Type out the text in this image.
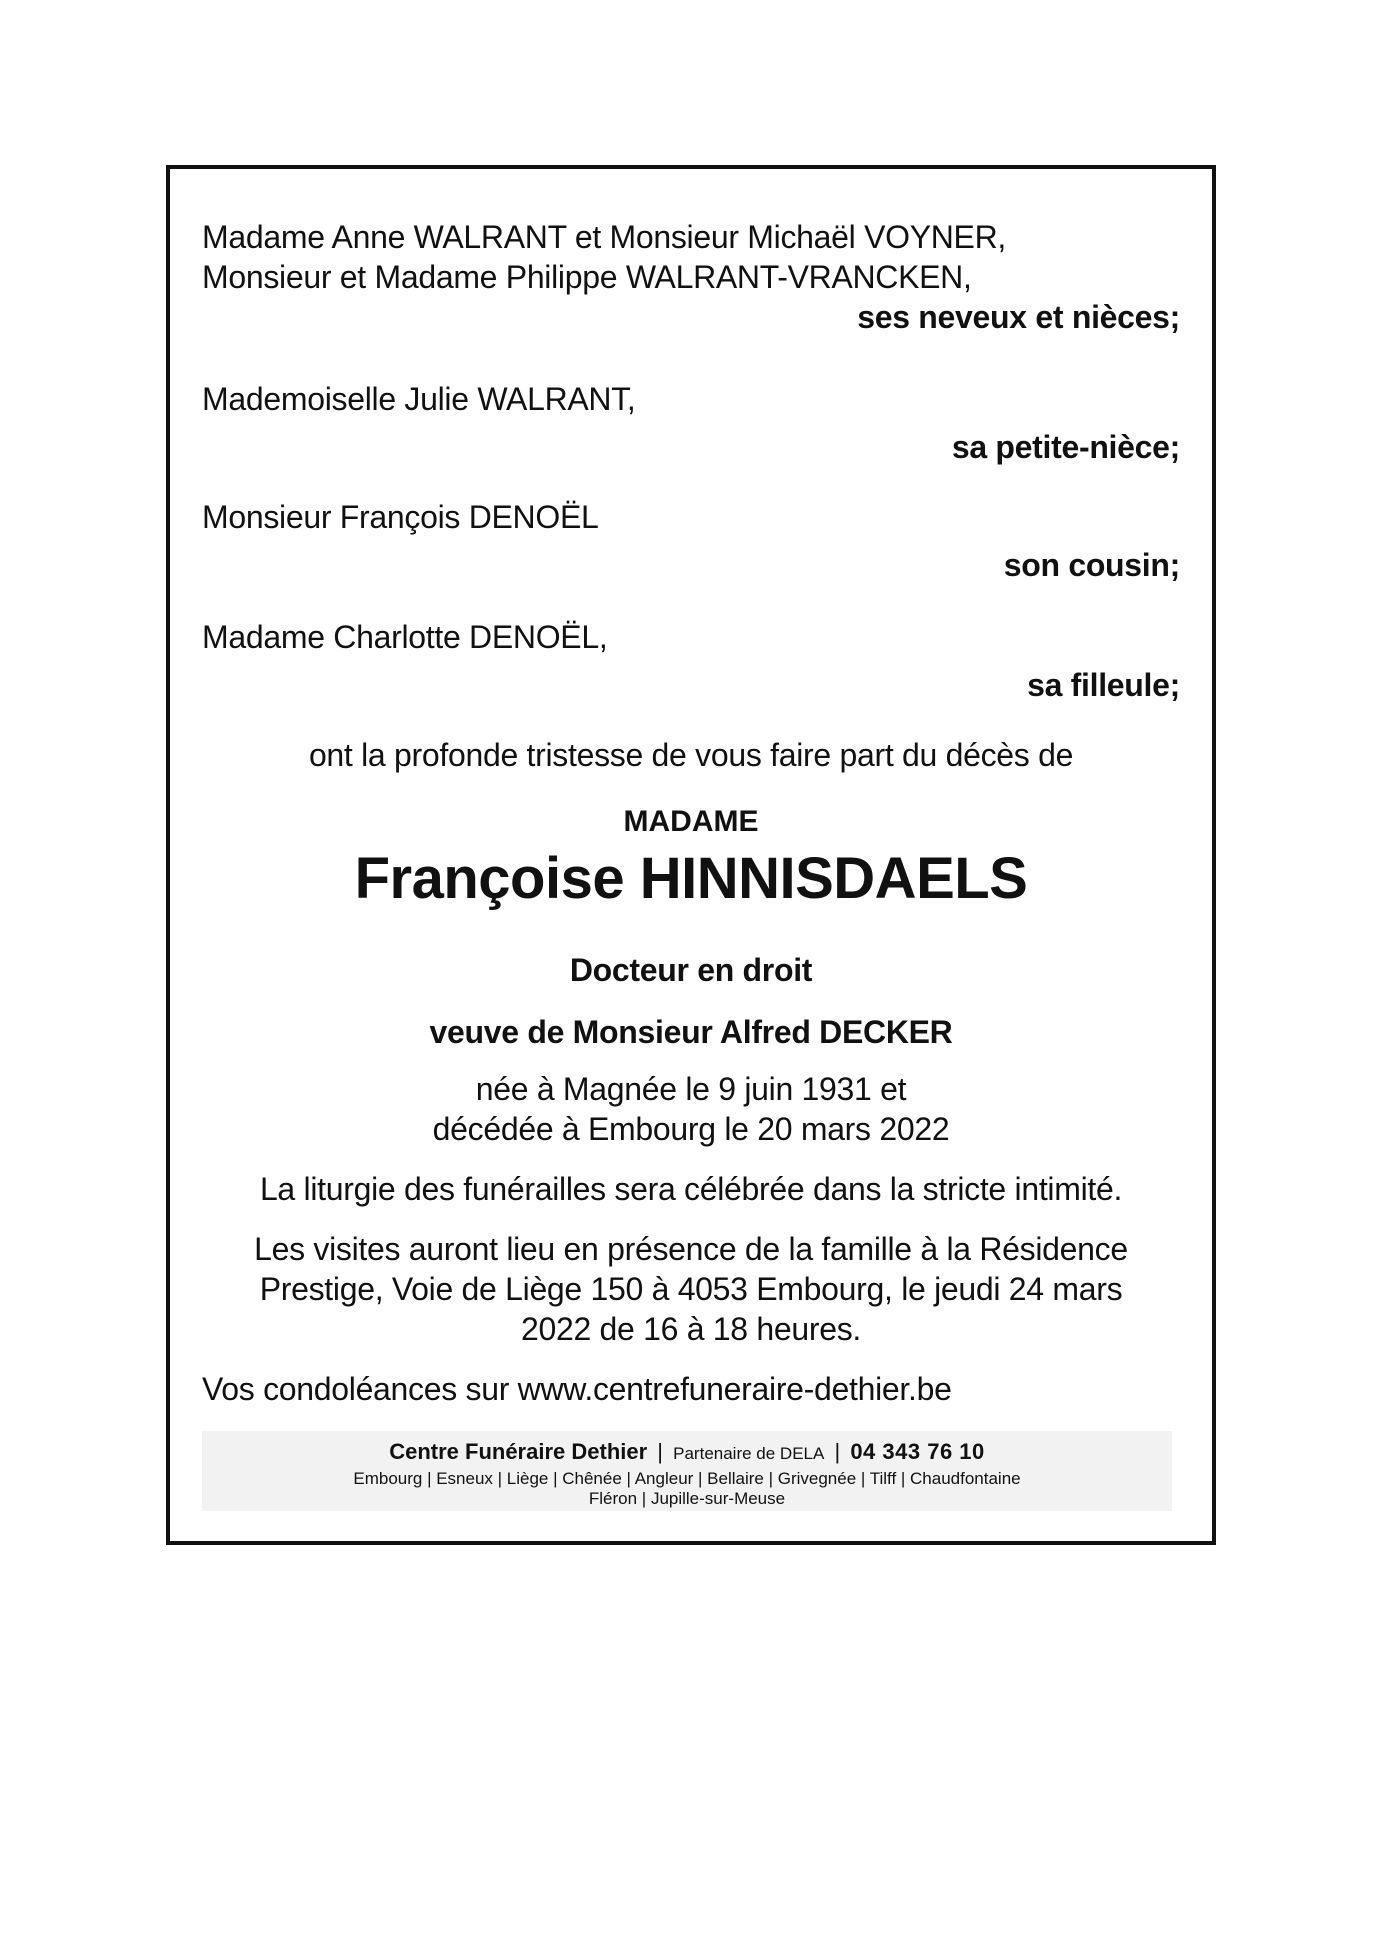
Madame Anne WALRANT et Monsieur Michaël VOYNER,
Monsieur et Madame Philippe WALRANT-VRANCKEN,
ses neveux et nièces;
Mademoiselle Julie WALRANT,
sa petite-nièce;
Monsieur François DENOËL
son cousin;
Madame Charlotte DENOËL,
sa filleule;
ont la profonde tristesse de vous faire part du décès de
MADAME
Françoise HINNISDAELS
Docteur en droit
veuve de Monsieur Alfred DECKER
née à Magnée le 9 juin 1931 et
décédée à Embourg le 20 mars 2022
La liturgie des funérailles sera célébrée dans la stricte intimité.
Les visites auront lieu en présence de la famille à la Résidence
Prestige, Voie de Liège 150 à 4053 Embourg, le jeudi 24 mars
2022 de 16 à 18 heures.
Vos condoléances sur www.centrefuneraire-dethier.be
Centre Funéraire Dethier | Partenaire de DELA | 04 343 76 10
Embourg | Esneux | Liège | Chênée | Angleur | Bellaire | Grivegnée | Tilff | Chaudfontaine
Fléron | Jupille-sur-Meuse
